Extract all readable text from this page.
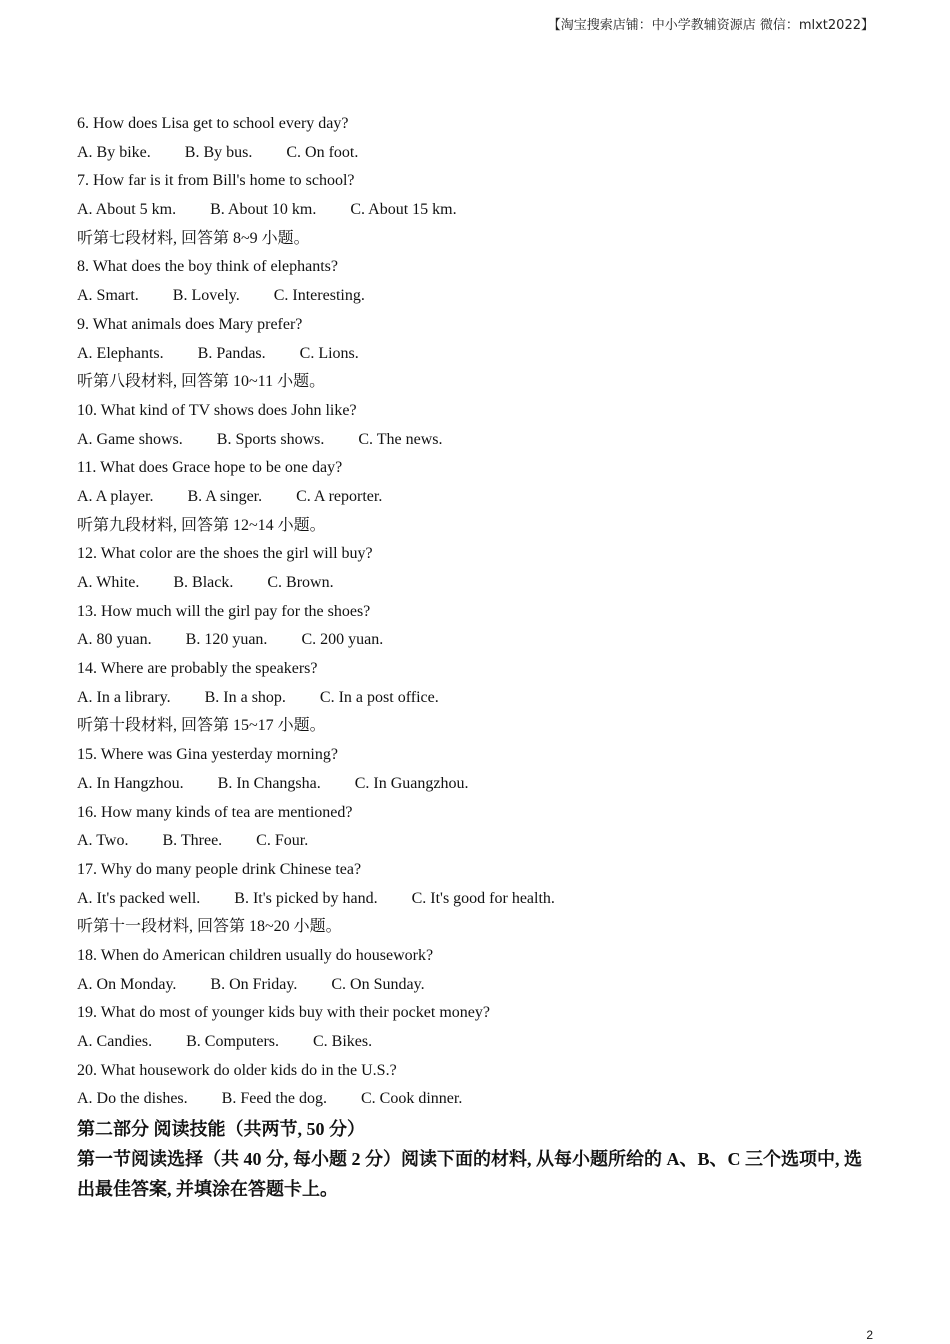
【淘宝搜索店铺：中小学教辅资源店 微信：mlxt2022】
6. How does Lisa get to school every day?
A. By bike. B. By bus. C. On foot.
7. How far is it from Bill's home to school?
A. About 5 km. B. About 10 km. C. About 15 km.
听第七段材料, 回答第 8~9 小题。
8. What does the boy think of elephants?
A. Smart. B. Lovely. C. Interesting.
9. What animals does Mary prefer?
A. Elephants. B. Pandas. C. Lions.
听第八段材料, 回答第 10~11 小题。
10. What kind of TV shows does John like?
A. Game shows. B. Sports shows. C. The news.
11. What does Grace hope to be one day?
A. A player. B. A singer. C. A reporter.
听第九段材料, 回答第 12~14 小题。
12. What color are the shoes the girl will buy?
A. White. B. Black. C. Brown.
13. How much will the girl pay for the shoes?
A. 80 yuan. B. 120 yuan. C. 200 yuan.
14. Where are probably the speakers?
A. In a library. B. In a shop. C. In a post office.
听第十段材料, 回答第 15~17 小题。
15. Where was Gina yesterday morning?
A. In Hangzhou. B. In Changsha. C. In Guangzhou.
16. How many kinds of tea are mentioned?
A. Two. B. Three. C. Four.
17. Why do many people drink Chinese tea?
A. It's packed well. B. It's picked by hand. C. It's good for health.
听第十一段材料, 回答第 18~20 小题。
18. When do American children usually do housework?
A. On Monday. B. On Friday. C. On Sunday.
19. What do most of younger kids buy with their pocket money?
A. Candies. B. Computers. C. Bikes.
20. What housework do older kids do in the U.S.?
A. Do the dishes. B. Feed the dog. C. Cook dinner.
第二部分 阅读技能（共两节, 50 分）
第一节阅读选择（共 40 分, 每小题 2 分）阅读下面的材料, 从每小题所给的 A、B、C 三个选项中, 选出最佳答案, 并填涂在答题卡上。
2
